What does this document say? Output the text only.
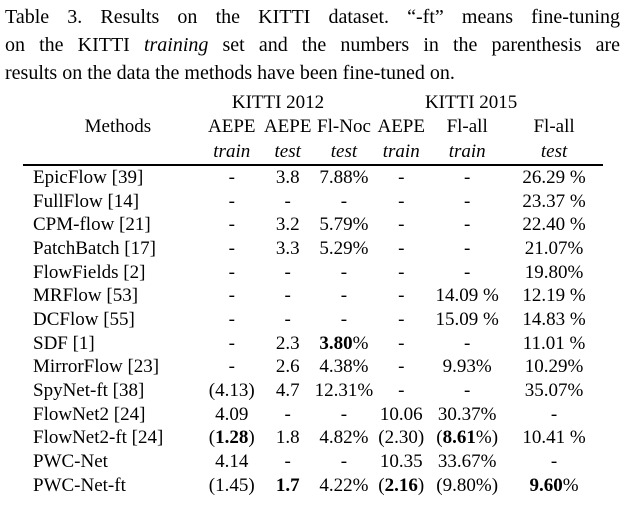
Table 3. Results on the KITTI dataset. “-ft” means fine-tuning
on the KITTI training set and the numbers in the parenthesis are
results on the data the methods have been fine-tuned on.
	KITTI 2012			KITTI 2015		
Methods	AEPE	AEPE	Fl-Noc	AEPE	Fl-all	Fl-all
	train	test	test	train	train	test
EpicFlow [39]	-	3.8	7.88%	-	-	26.29 %
FullFlow [14]	-	-	-	-	-	23.37 %
CPM-flow [21]	-	3.2	5.79%	-	-	22.40 %
PatchBatch [17]	-	3.3	5.29%	-	-	21.07%
FlowFields [2]	-	-	-	-	-	19.80%
MRFlow [53]	-	-	-	-	14.09 %	12.19 %
DCFlow [55]	-	-	-	-	15.09 %	14.83 %
SDF [1]	-	2.3	3.80%	-	-	11.01 %
MirrorFlow [23]	-	2.6	4.38%	-	9.93%	10.29%
SpyNet-ft [38]	(4.13)	4.7	12.31%	-	-	35.07%
FlowNet2 [24]	4.09	-	-	10.06	30.37%	-
FlowNet2-ft [24]	(1.28)	1.8	4.82%	(2.30)	(8.61%)	10.41 %
PWC-Net	4.14	-	-	10.35	33.67%	-
PWC-Net-ft	(1.45)	1.7	4.22%	(2.16)	(9.80%)	9.60%
